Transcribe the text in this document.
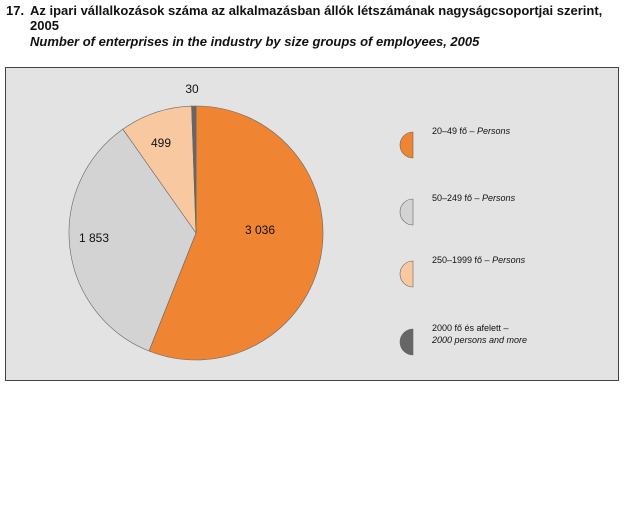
17. Az ipari vállalkozások száma az alkalmazásban állók létszámának nagyságcsoportjai szerint, 2005
Number of enterprises in the industry by size groups of employees, 2005
3 036
1 853
499
30
20–49 fő – Persons
50–249 fő – Persons
250–1999 fő – Persons
2000 fő és afelett –
2000 persons and more
